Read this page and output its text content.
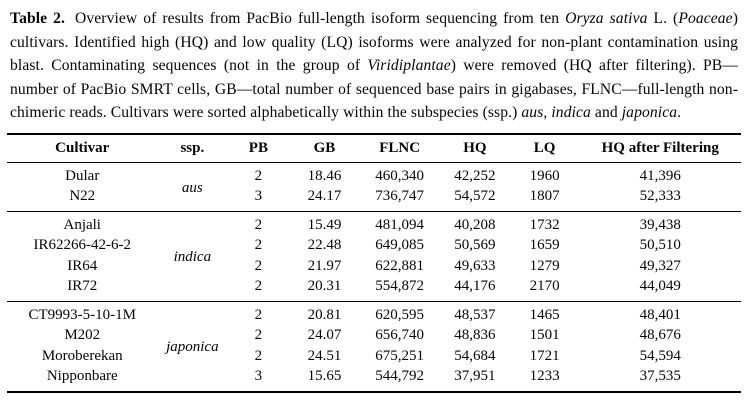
Table 2. Overview of results from PacBio full-length isoform sequencing from ten Oryza sativa L. (Poaceae) cultivars. Identified high (HQ) and low quality (LQ) isoforms were analyzed for non-plant contamination using blast. Contaminating sequences (not in the group of Viridiplantae) were removed (HQ after filtering). PB—number of PacBio SMRT cells, GB—total number of sequenced base pairs in gigabases, FLNC—full-length non-chimeric reads. Cultivars were sorted alphabetically within the subspecies (ssp.) aus, indica and japonica.

Cultivar	ssp.	PB	GB	FLNC	HQ	LQ	HQ after Filtering
Dular	aus	2	18.46	460,340	42,252	1960	41,396
N22		3	24.17	736,747	54,572	1807	52,333
Anjali	indica	2	15.49	481,094	40,208	1732	39,438
IR62266-42-6-2		2	22.48	649,085	50,569	1659	50,510
IR64		2	21.97	622,881	49,633	1279	49,327
IR72		2	20.31	554,872	44,176	2170	44,049
CT9993-5-10-1M	japonica	2	20.81	620,595	48,537	1465	48,401
M202		2	24.07	656,740	48,836	1501	48,676
Moroberekan		2	24.51	675,251	54,684	1721	54,594
Nipponbare		3	15.65	544,792	37,951	1233	37,535
